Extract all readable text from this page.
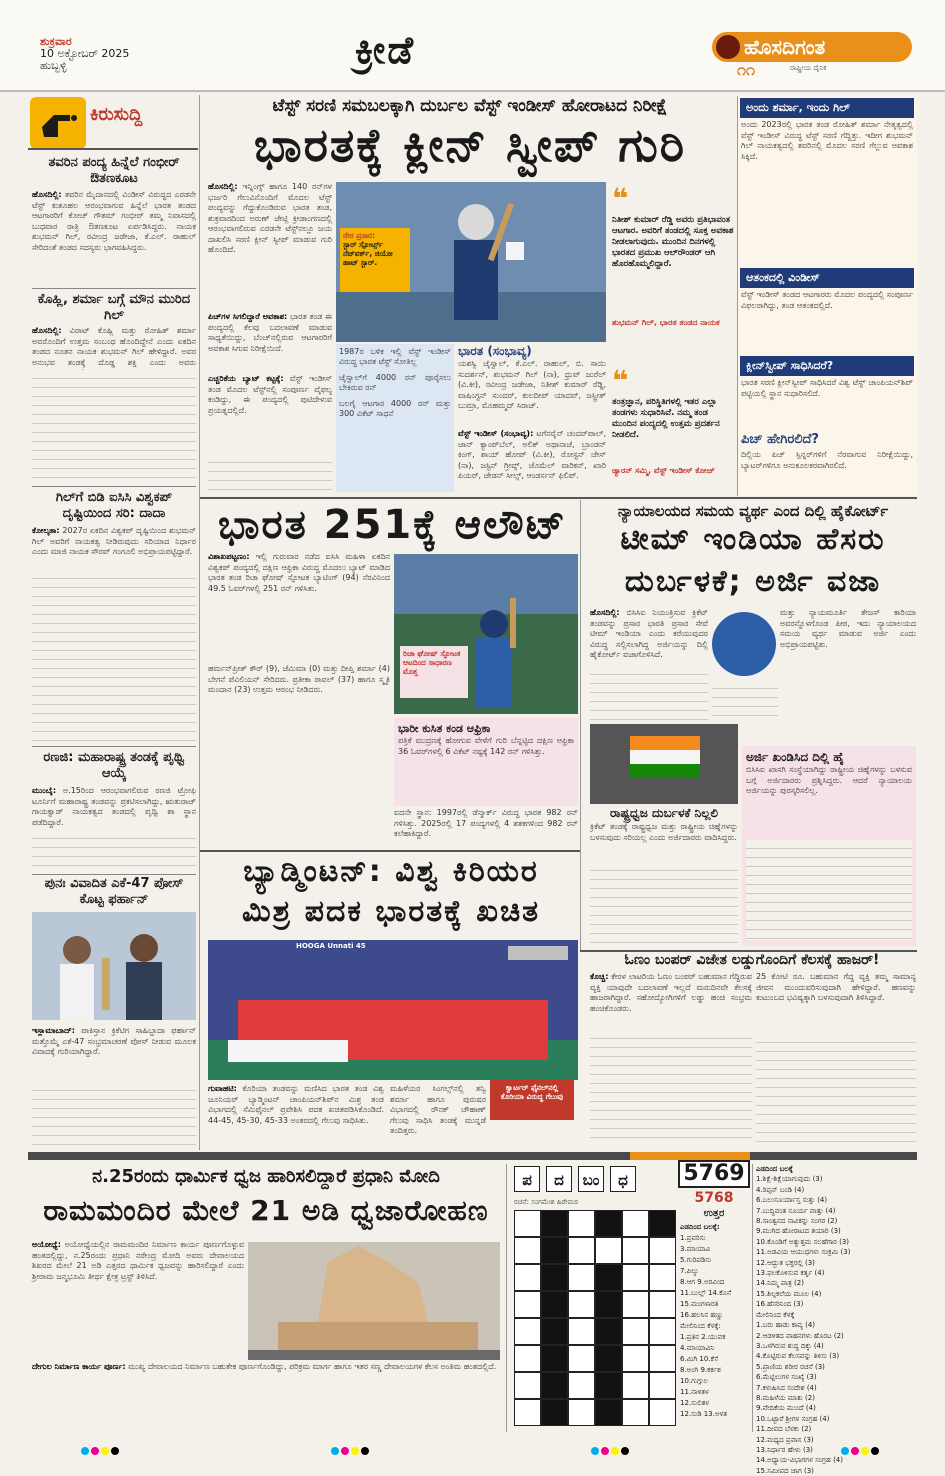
ಶುಕ್ರವಾರ
10 ಅಕ್ಟೋಬರ್ 2025
ಹುಬ್ಬಳ್ಳಿ	ಕ್ರೀಡೆ	ಹೊಸದಿಗಂತ
೧೧	ರಾಷ್ಟ್ರೀಯ ದೈನಿಕ
ಕಿರುಸುದ್ದಿ
ತವರಿನ ಪಂದ್ಯ ಹಿನ್ನೆಲೆ ಗಂಭೀರ್ ಔತಣಕೂಟ
ಹೊಸದಿಲ್ಲಿ: ತವರಿನ ಮೈದಾನದಲ್ಲಿ ವಿಂಡೀಸ್ ವಿರುದ್ಧದ ಎರಡನೇ ಟೆಸ್ಟ್ ಕುತೂಹಲ ಆರಂಭವಾಗುವ ಹಿನ್ನೆಲೆ ಭಾರತ ತಂಡದ ಆಟಗಾರರಿಗೆ ಕೋಚ್ ಗೌತಮ್ ಗಂಭೀರ್ ತಮ್ಮ ನಿವಾಸದಲ್ಲಿ ಬುಧವಾರ ರಾತ್ರಿ ಔತಣಕೂಟ ಏರ್ಪಡಿಸಿದ್ದರು. ನಾಯಕ ಶುಭಮನ್ ಗಿಲ್, ರವೀಂದ್ರ ಜಡೇಜಾ, ಕೆ.ಎಲ್. ರಾಹುಲ್ ಸೇರಿದಂತೆ ತಂಡದ ಸದಸ್ಯರು ಭಾಗವಹಿಸಿದ್ದರು.
ಕೊಹ್ಲಿ, ಶರ್ಮಾ ಬಗ್ಗೆ ಮೌನ ಮುರಿದ ಗಿಲ್
ಹೊಸದಿಲ್ಲಿ: ವಿರಾಟ್ ಕೊಹ್ಲಿ ಮತ್ತು ರೋಹಿತ್ ಶರ್ಮಾ ಅವರೊಂದಿಗೆ ಉತ್ತಮ ಸಂಬಂಧ ಹೊಂದಿದ್ದೇನೆ ಎಂದು ಏಕದಿನ ತಂಡದ ನೂತನ ನಾಯಕ ಶುಭಮನ್ ಗಿಲ್ ಹೇಳಿದ್ದಾರೆ. ಅವರ ಅನುಭವ ತಂಡಕ್ಕೆ ದೊಡ್ಡ ಶಕ್ತಿ ಎಂದು ಅವರು
ಗಿಲ್‌ಗೆ ಬಿಡಿ ಐಸಿಸಿ ವಿಶ್ವಕಪ್ ದೃಷ್ಟಿಯಿಂದ ಸರಿ: ದಾದಾ
ಕೋಲ್ಕತಾ: 2027ರ ಏಕದಿನ ವಿಶ್ವಕಪ್ ದೃಷ್ಟಿಯಿಂದ ಶುಭಮನ್ ಗಿಲ್ ಅವರಿಗೆ ನಾಯಕತ್ವ ನೀಡಿರುವುದು ಸರಿಯಾದ ನಿರ್ಧಾರ ಎಂದು ಮಾಜಿ ನಾಯಕ ಸೌರವ್ ಗಂಗೂಲಿ ಅಭಿಪ್ರಾಯಪಟ್ಟಿದ್ದಾರೆ.
ರಣಜಿ: ಮಹಾರಾಷ್ಟ್ರ ತಂಡಕ್ಕೆ ಪೃಥ್ವಿ ಆಯ್ಕೆ
ಮುಂಬೈ: ಅ.15ರಿಂದ ಆರಂಭವಾಗಲಿರುವ ರಣಜಿ ಟ್ರೋಫಿ ಟೂರ್ನಿಗೆ ಮಹಾರಾಷ್ಟ್ರ ತಂಡವನ್ನು ಪ್ರಕಟಿಸಲಾಗಿದ್ದು, ಋತುರಾಜ್ ಗಾಯಕ್ವಾಡ್ ನಾಯಕತ್ವದ ತಂಡದಲ್ಲಿ ಪೃಥ್ವಿ ಶಾ ಸ್ಥಾನ ಪಡೆದಿದ್ದಾರೆ.
ಪುನಃ ವಿವಾದಿತ ಎಕೆ-47 ಪೋಸ್ ಕೊಟ್ಟ ಫರ್ಹಾನ್
ಇಸ್ಲಾಮಾಬಾದ್: ಪಾಕಿಸ್ತಾನ ಕ್ರಿಕೆಟಿಗ ಸಾಹಿಬ್ಜಾದಾ ಫರ್ಹಾನ್ ಮತ್ತೊಮ್ಮೆ ಎಕೆ-47 ಸಂಭ್ರಮಾಚರಣೆ ಪೋಸ್ ನೀಡುವ ಮೂಲಕ ವಿವಾದಕ್ಕೆ ಗುರಿಯಾಗಿದ್ದಾರೆ.
ಟೆಸ್ಟ್ ಸರಣಿ ಸಮಬಲಕ್ಕಾಗಿ ದುರ್ಬಲ ವೆಸ್ಟ್ ಇಂಡೀಸ್ ಹೋರಾಟದ ನಿರೀಕ್ಷೆ
ಭಾರತಕ್ಕೆ ಕ್ಲೀನ್ ಸ್ವೀಪ್ ಗುರಿ
ಹೊಸದಿಲ್ಲಿ: ಇನ್ನಿಂಗ್ಸ್ ಹಾಗೂ 140 ರನ್‌ಗಳ ಭರ್ಜರಿ ಗೆಲುವಿನೊಂದಿಗೆ ಮೊದಲ ಟೆಸ್ಟ್ ಪಂದ್ಯವನ್ನು ಗೆದ್ದುಕೊಂಡಿರುವ ಭಾರತ ತಂಡ, ಶುಕ್ರವಾರದಿಂದ ಅರುಣ್ ಜೇಟ್ಲಿ ಕ್ರೀಡಾಂಗಣದಲ್ಲಿ ಆರಂಭವಾಗಲಿರುವ ಎರಡನೇ ಟೆಸ್ಟ್‌ನಲ್ಲೂ ಜಯ ದಾಖಲಿಸಿ ಸರಣಿ ಕ್ಲೀನ್ ಸ್ವೀಪ್ ಮಾಡುವ ಗುರಿ ಹೊಂದಿದೆ.
ಪಿಚ್‌ಗಳ ಸಿಗಲಿದ್ದಾರೆ ಅವಕಾಶ: ಭಾರತ ತಂಡ ಈ ಪಂದ್ಯದಲ್ಲಿ ಕೆಲವು ಬದಲಾವಣೆ ಮಾಡುವ ಸಾಧ್ಯತೆಯಿದ್ದು, ಬೆಂಚ್‌ನಲ್ಲಿರುವ ಆಟಗಾರರಿಗೆ ಅವಕಾಶ ಸಿಗುವ ನಿರೀಕ್ಷೆಯಿದೆ.
ಎಚ್ಚರಿಕೆಯ ಬ್ಯಾಟ್ ಕಟ್ಟಕ್ಕೆ: ವೆಸ್ಟ್ ಇಂಡೀಸ್ ತಂಡ ಮೊದಲ ಟೆಸ್ಟ್‌ನಲ್ಲಿ ಸಂಪೂರ್ಣ ವೈಫಲ್ಯ ಕಂಡಿದ್ದು, ಈ ಪಂದ್ಯದಲ್ಲಿ ಪುಟಿದೇಳುವ ಪ್ರಯತ್ನದಲ್ಲಿದೆ.
ನೇರ ಪ್ರಸಾರ:
ಸ್ಟಾರ್ ಸ್ಪೋರ್ಟ್ಸ್ ನೆಟ್‌ವರ್ಕ್, ಜಿಯೋ ಹಾಟ್ ಸ್ಟಾರ್.
1987ರ ಬಳಿಕ ಇಲ್ಲಿ ವೆಸ್ಟ್ ಇಂಡೀಸ್ ವಿರುದ್ಧ ಭಾರತ ಟೆಸ್ಟ್ ಸೋತಿಲ್ಲ
ಜೈಸ್ವಾಲ್‌ಗೆ 4000 ರನ್ ಪೂರೈಸಲು ಬೇಕಿರುವ ರನ್
ಬಲಗೈ ಆಟಗಾರ 4000 ರನ್ ಮತ್ತು 300 ವಿಕೆಟ್ ಸಾಧನೆ
ಭಾರತ (ಸಂಭಾವ್ಯ)
ಯಶಸ್ವಿ ಜೈಸ್ವಾಲ್, ಕೆ.ಎಲ್. ರಾಹುಲ್, ಬಿ. ಸಾಯಿ ಸುದರ್ಶನ್, ಶುಭಮನ್ ಗಿಲ್ (ನಾ), ಧ್ರುವ್ ಜುರೆಲ್ (ವಿ.ಕೀ), ರವೀಂದ್ರ ಜಡೇಜಾ, ನಿತೀಶ್ ಕುಮಾರ್ ರೆಡ್ಡಿ, ವಾಷಿಂಗ್ಟನ್ ಸುಂದರ್, ಕುಲದೀಪ್ ಯಾದವ್, ಜಸ್ಪ್ರೀತ್ ಬುಮ್ರಾ, ಮೊಹಮ್ಮದ್ ಸಿರಾಜ್.
ವೆಸ್ಟ್ ಇಂಡೀಸ್ (ಸಂಭಾವ್ಯ): ಟಗೆನರೈನ್ ಚಂದರ್‌ಪಾಲ್, ಜಾನ್ ಕ್ಯಾಂಪ್‌ಬೆಲ್, ಅಲಿಕ್ ಅಥಾನಾಜೆ, ಬ್ರಾಂಡನ್ ಕಿಂಗ್, ಶಾಯ್ ಹೋಪ್ (ವಿ.ಕೀ), ರೋಸ್ಟನ್ ಚೇಸ್ (ನಾ), ಜಸ್ಟಿನ್ ಗ್ರೀವ್ಸ್, ಜೊಮೆಲ್ ವಾರಿಕನ್, ಖಾರಿ ಪಿಯರ್, ಜೇಡನ್ ಸೀಲ್ಸ್, ಆಂಡರ್ಸನ್ ಫಿಲಿಪ್.
❝
ನಿತೀಶ್ ಕುಮಾರ್ ರೆಡ್ಡಿ ಅವರು ಪ್ರತಿಭಾವಂತ ಆಟಗಾರ. ಅವರಿಗೆ ತಂಡದಲ್ಲಿ ಸೂಕ್ತ ಅವಕಾಶ ನೀಡಲಾಗುವುದು. ಮುಂದಿನ ದಿನಗಳಲ್ಲಿ ಭಾರತದ ಪ್ರಮುಖ ಆಲ್‌ರೌಂಡರ್ ಆಗಿ ಹೊರಹೊಮ್ಮಲಿದ್ದಾರೆ.
ಶುಭಮನ್ ಗಿಲ್, ಭಾರತ ತಂಡದ ನಾಯಕ
❝
ತಂತ್ರಜ್ಞಾನ, ಪರಿಸ್ಥಿತಿಗಳಲ್ಲಿ ಇತರ ಎಲ್ಲಾ ತಂಡಗಳು ಸುಧಾರಿಸಿವೆ. ನಮ್ಮ ತಂಡ ಮುಂದಿನ ಪಂದ್ಯದಲ್ಲಿ ಉತ್ತಮ ಪ್ರದರ್ಶನ ನೀಡಲಿದೆ.
ಡ್ಯಾರನ್ ಸಮ್ಮಿ, ವೆಸ್ಟ್ ಇಂಡೀಸ್ ಕೋಚ್
ಅಂದು ಶರ್ಮಾ, ಇಂದು ಗಿಲ್
ಅಂದು 2023ರಲ್ಲಿ ಭಾರತ ತಂಡ ರೋಹಿತ್ ಶರ್ಮಾ ನೇತೃತ್ವದಲ್ಲಿ ವೆಸ್ಟ್ ಇಂಡೀಸ್ ವಿರುದ್ಧ ಟೆಸ್ಟ್ ಸರಣಿ ಗೆದ್ದಿತ್ತು. ಇದೀಗ ಶುಭಮನ್ ಗಿಲ್ ನಾಯಕತ್ವದಲ್ಲಿ ತವರಿನಲ್ಲಿ ಮೊದಲ ಸರಣಿ ಗೆಲ್ಲುವ ಅವಕಾಶ ಸಿಕ್ಕಿದೆ.
ಆತಂಕದಲ್ಲಿ ವಿಂಡೀಸ್
ವೆಸ್ಟ್ ಇಂಡೀಸ್ ತಂಡದ ಆಟಗಾರರು ಮೊದಲ ಪಂದ್ಯದಲ್ಲಿ ಸಂಪೂರ್ಣ ವಿಫಲರಾಗಿದ್ದು, ತಂಡ ಆತಂಕದಲ್ಲಿದೆ.
ಕ್ಲೀನ್‌ಸ್ವೀಪ್ ಸಾಧಿಸಿದರೆ?
ಭಾರತ ಸರಣಿ ಕ್ಲೀನ್‌ಸ್ವೀಪ್ ಸಾಧಿಸಿದರೆ ವಿಶ್ವ ಟೆಸ್ಟ್ ಚಾಂಪಿಯನ್‌ಶಿಪ್ ಪಟ್ಟಿಯಲ್ಲಿ ಸ್ಥಾನ ಸುಧಾರಿಸಲಿದೆ.
ಪಿಚ್ ಹೇಗಿರಲಿದೆ?
ದಿಲ್ಲಿಯ ಪಿಚ್ ಸ್ಪಿನ್ನರ್‌ಗಳಿಗೆ ನೆರವಾಗುವ ನಿರೀಕ್ಷೆಯಿದ್ದು, ಬ್ಯಾಟರ್‌ಗಳಿಗೂ ಅನುಕೂಲಕರವಾಗಿರಲಿದೆ.
ಭಾರತ 251ಕ್ಕೆ ಆಲೌಟ್
ವಿಶಾಖಪಟ್ಟಣಂ: ಇಲ್ಲಿ ಗುರುವಾರ ನಡೆದ ಐಸಿಸಿ ಮಹಿಳಾ ಏಕದಿನ ವಿಶ್ವಕಪ್ ಪಂದ್ಯದಲ್ಲಿ ದಕ್ಷಿಣ ಆಫ್ರಿಕಾ ವಿರುದ್ಧ ಮೊದಲು ಬ್ಯಾಟ್ ಮಾಡಿದ ಭಾರತ ತಂಡ ರಿಚಾ ಘೋಷ್ ಸ್ಫೋಟಕ ಬ್ಯಾಟಿಂಗ್ (94) ನೆರವಿನಿಂದ 49.5 ಓವರ್‌ಗಳಲ್ಲಿ 251 ರನ್ ಗಳಿಸಿತು.
ಹರ್ಮನ್‌ಪ್ರೀತ್ ಕೌರ್ (9), ಜೆಮಿಮಾ (0) ಮತ್ತು ದೀಪ್ತಿ ಶರ್ಮಾ (4) ಬೇಗನೆ ಪೆವಿಲಿಯನ್ ಸೇರಿದರು. ಪ್ರತೀಕಾ ರಾವಲ್ (37) ಹಾಗೂ ಸ್ಮೃತಿ ಮಂದಾನ (23) ಉತ್ತಮ ಆರಂಭ ನೀಡಿದರು.
ರಿಚಾ ಘೋಷ್ ಸ್ಫೋಟಕ ಆಟದಿಂದ ಸಾಧಾರಣ ಮೊತ್ತ
ಭಾರೀ ಕುಸಿತ ಕಂಡ ಆಫ್ರಿಕಾ
ಪತ್ರಿಕೆ ಮುದ್ರಣಕ್ಕೆ ಹೋಗುವ ವೇಳೆಗೆ ಗುರಿ ಬೆನ್ನಟ್ಟಿದ ದಕ್ಷಿಣ ಆಫ್ರಿಕಾ 36 ಓವರ್‌ಗಳಲ್ಲಿ 6 ವಿಕೆಟ್ ನಷ್ಟಕ್ಕೆ 142 ರನ್ ಗಳಿಸಿತ್ತು.
ಐದನೇ ಸ್ಥಾನ: 1997ರಲ್ಲಿ ಡೆನ್ಮಾರ್ಕ್ ವಿರುದ್ಧ ಭಾರತ 982 ರನ್ ಗಳಿಸಿತ್ತು. 2025ರಲ್ಲಿ 17 ಪಂದ್ಯಗಳಲ್ಲಿ 4 ಶತಕಗಳಿಂದ 982 ರನ್ ಕಲೆಹಾಕಿದ್ದಾರೆ.
ನ್ಯಾಯಾಲಯದ ಸಮಯ ವ್ಯರ್ಥ ಎಂದ ದಿಲ್ಲಿ ಹೈಕೋರ್ಟ್
ಟೀಮ್ ಇಂಡಿಯಾ ಹೆಸರು
ದುರ್ಬಳಕೆ; ಅರ್ಜಿ ವಜಾ
ಹೊಸದಿಲ್ಲಿ: ಬಿಸಿಸಿಐ ನಿಯಂತ್ರಿಸುವ ಕ್ರಿಕೆಟ್ ತಂಡವನ್ನು ಪ್ರಸಾರ ಭಾರತಿ ಪ್ರಸಾರ ಸೇವೆ ಟೀಮ್ ಇಂಡಿಯಾ ಎಂದು ಕರೆಯುವುದರ ವಿರುದ್ಧ ಸಲ್ಲಿಸಲಾಗಿದ್ದ ಅರ್ಜಿಯನ್ನು ದಿಲ್ಲಿ ಹೈಕೋರ್ಟ್ ವಜಾಗೊಳಿಸಿದೆ.
ಮತ್ತು ನ್ಯಾಯಮೂರ್ತಿ ತೇಜಸ್ ಕಾರಿಯಾ ಅವರನ್ನೊಳಗೊಂಡ ಪೀಠ, ಇದು ನ್ಯಾಯಾಲಯದ ಸಮಯ ವ್ಯರ್ಥ ಮಾಡುವ ಅರ್ಜಿ ಎಂದು ಅಭಿಪ್ರಾಯಪಟ್ಟಿತು.
ರಾಷ್ಟ್ರಧ್ವಜ ದುರ್ಬಳಕೆ ನಿಲ್ಲಲಿ
ಕ್ರಿಕೆಟ್ ತಂಡಕ್ಕೆ ರಾಷ್ಟ್ರಧ್ವಜ ಮತ್ತು ರಾಷ್ಟ್ರೀಯ ಚಿಹ್ನೆಗಳನ್ನು ಬಳಸುವುದು ಸರಿಯಲ್ಲ ಎಂದು ಅರ್ಜಿದಾರರು ವಾದಿಸಿದ್ದರು.
ಅರ್ಜಿ ಖಂಡಿಸಿದ ದಿಲ್ಲಿ ಹೈ
ಬಿಸಿಸಿಐ ಖಾಸಗಿ ಸಂಸ್ಥೆಯಾಗಿದ್ದು ರಾಷ್ಟ್ರೀಯ ಚಿಹ್ನೆಗಳನ್ನು ಬಳಸುವ ಬಗ್ಗೆ ಅರ್ಜಿದಾರರು ಪ್ರಶ್ನಿಸಿದ್ದರು. ಆದರೆ ನ್ಯಾಯಾಲಯ ಅರ್ಜಿಯನ್ನು ಪುರಸ್ಕರಿಸಲಿಲ್ಲ.
ಬ್ಯಾಡ್ಮಿಂಟನ್: ವಿಶ್ವ ಕಿರಿಯರ
ಮಿಶ್ರ ಪದಕ ಭಾರತಕ್ಕೆ ಖಚಿತ
HOOGA Unnati 45
ಕ್ವಾರ್ಟರ್ ಫೈನಲ್‌ನಲ್ಲಿ ಕೊರಿಯಾ ವಿರುದ್ಧ ಗೆಲುವು
ಗುವಾಹಟಿ: ಕೊರಿಯಾ ತಂಡವನ್ನು ಮಣಿಸಿದ ಭಾರತ ತಂಡ ವಿಶ್ವ ಜೂನಿಯರ್ ಬ್ಯಾಡ್ಮಿಂಟನ್ ಚಾಂಪಿಯನ್‌ಶಿಪ್‌ನ ಮಿಶ್ರ ತಂಡ ವಿಭಾಗದಲ್ಲಿ ಸೆಮಿಫೈನಲ್ ಪ್ರವೇಶಿಸಿ ಪದಕ ಖಚಿತಪಡಿಸಿಕೊಂಡಿದೆ. 44-45, 45-30, 45-33 ಅಂತರದಲ್ಲಿ ಗೆಲುವು ಸಾಧಿಸಿತು.
ಮಹಿಳೆಯರ ಸಿಂಗಲ್ಸ್‌ನಲ್ಲಿ ತನ್ವಿ ಶರ್ಮಾ ಹಾಗೂ ಪುರುಷರ ವಿಭಾಗದಲ್ಲಿ ರೌನಕ್ ಚೌಹಾಣ್ ಗೆಲುವು ಸಾಧಿಸಿ ತಂಡಕ್ಕೆ ಮುನ್ನಡೆ ತಂದಿತ್ತರು.
ಓಣಂ ಬಂಪರ್ ವಿಜೇತ ಲಡ್ಡುಗೊಂದಿಗೆ ಕೆಲಸಕ್ಕೆ ಹಾಜರ್!
ಕೊಚ್ಚಿ: ಕೇರಳ ಲಾಟರಿಯ ಓಣಂ ಬಂಪರ್ ಬಹುಮಾನ ಗೆದ್ದಿರುವ ವ್ಯಕ್ತಿ ಯಾವುದೇ ಬದಲಾವಣೆ ಇಲ್ಲದೆ ಮರುದಿನವೇ ಕೆಲಸಕ್ಕೆ ಹಾಜರಾಗಿದ್ದಾರೆ. ಸಹೋದ್ಯೋಗಿಗಳಿಗೆ ಲಡ್ಡು ಹಂಚಿ ಸಂಭ್ರಮ ಹಂಚಿಕೊಂಡರು.
25 ಕೋಟಿ ರೂ. ಬಹುಮಾನ ಗೆದ್ದ ವ್ಯಕ್ತಿ ತಮ್ಮ ಸಾಮಾನ್ಯ ಜೀವನ ಮುಂದುವರಿಸುವುದಾಗಿ ಹೇಳಿದ್ದಾರೆ. ಹಣವನ್ನು ಕುಟುಂಬದ ಭವಿಷ್ಯಕ್ಕಾಗಿ ಬಳಸುವುದಾಗಿ ತಿಳಿಸಿದ್ದಾರೆ.
ನ.25ರಂದು ಧಾರ್ಮಿಕ ಧ್ವಜ ಹಾರಿಸಲಿದ್ದಾರೆ ಪ್ರಧಾನಿ ಮೋದಿ
ರಾಮಮಂದಿರ ಮೇಲೆ 21 ಅಡಿ ಧ್ವಜಾರೋಹಣ
ಅಯೋಧ್ಯೆ: ಅಯೋಧ್ಯೆಯಲ್ಲಿನ ರಾಮಮಂದಿರ ನಿರ್ಮಾಣ ಕಾರ್ಯ ಪೂರ್ಣಗೊಳ್ಳುವ ಹಂತದಲ್ಲಿದ್ದು, ನ.25ರಂದು ಪ್ರಧಾನಿ ನರೇಂದ್ರ ಮೋದಿ ಅವರು ದೇವಾಲಯದ ಶಿಖರದ ಮೇಲೆ 21 ಅಡಿ ಎತ್ತರದ ಧಾರ್ಮಿಕ ಧ್ವಜವನ್ನು ಹಾರಿಸಲಿದ್ದಾರೆ ಎಂದು ಶ್ರೀರಾಮ ಜನ್ಮಭೂಮಿ ತೀರ್ಥ ಕ್ಷೇತ್ರ ಟ್ರಸ್ಟ್ ತಿಳಿಸಿದೆ.
ದೇಗುಲ ನಿರ್ಮಾಣ ಕಾರ್ಯ ಪೂರ್ಣ: ಮುಖ್ಯ ದೇವಾಲಯದ ನಿರ್ಮಾಣ ಬಹುತೇಕ ಪೂರ್ಣಗೊಂಡಿದ್ದು, ಪರಿಕ್ರಮ ಮಾರ್ಗ ಹಾಗೂ ಇತರ ಸಣ್ಣ ದೇವಾಲಯಗಳ ಕೆಲಸ ಅಂತಿಮ ಹಂತದಲ್ಲಿದೆ.
ಪ	ದ	ಬಂ	ಧ	5769
5768
ಉತ್ತರ
ರಚನೆ: ಸಂಗಮೇಶ ಹಿರೇಮಠ
ಎಡದಿಂದ ಬಲಕ್ಕೆ:
1.ಪ್ರವರಿಸು
3.ಮಾಯಾವಿ
5.ಗುರಿಪಡಿಸು
7.ಪಿಲ್ಯು
8.ಆಗ 9.ಅರವಿಂದ
11.ಬುಲ್ಲ್ 14.ಕೊನೆ
15.ಮಂಗಳಾರತಿ
16.ಹಲಸಿನ ಹಣ್ಣು
ಮೇಲಿನಿಂದ ಕೆಳಕ್ಕೆ:
1.ಪ್ರತಿನ 2.ಯುವಕ
4.ಮಾಯಾವಿನಿ
6.ಮಿಗಿ 10.ಕೆಸೆ
8.ಅಂಗಿ 9.ಕರ್ಕಶ
10.ಗುಗ್ಗುಲ
11.ನಾಳಿತಳ
12.ಸುಲಿತಳ
12.ಸುಡಿ 13.ಅಳತ
ಎಡದಿಂದ ಬಲಕ್ಕೆ
1.ಶಿಕ್ಷೆ-ಶಿಕ್ಷೆಯಾಗುವುದು (3)
4.ರಿಪ್ಪನ್ ಬಂಡಿ (4)
6.ಬಲುಸೂರ್ಯಾಸ್ತ ಸುತ್ತು (4)
7.ಬುದ್ಧಿವಂತ ಸೂರ್ಯ ವಾತ್ತು (4)
8.ಸಾಂತ್ವನದ ನಾವಿಕನ್ನು ಸಂಗರ (2)
9.ಮುಗಿದ ಹೋರಾಟದ ತಯಾರಿ (3)
10.ಕೊಂಡಿಗೆ ಅತ್ಯುತ್ತಮ ಸಲಹೆಗಾರ (3)
11.ಅಡವಿಯ ಆಯುಧಗಳು ಸಂಕ್ರಮಿ (3)
12.ಆದ್ಭುತ ಭಕ್ತರಲ್ಲಿ (3)
13.ಫಲಕೊಳಿಸುವ ಕರ್ತೃ (4)
14.ನಿಮ್ಮ ಪಾತ್ರ (2)
15.ಶಿಲ್ಪಕಲೆಯ ಮೂಲ (4)
16.ಹೆಸರಿನಿಂದ (3)
ಮೇಲಿನಿಂದ ಕೆಳಕ್ಕೆ
1.ಬರು ಹಾಡು ಕಾವ್ಯ (4)
2.ಆಡಳಿತದ ವಾಹನಗಳು ಹೊರಟ (2)
3.ಒಳಗಿರುವ ಶುದ್ಧ ದಿಕ್ಕು (4)
4.ಕೊಟ್ಟಿರುವ ಕೆಲಸವನ್ನು ತಿಳಿಸು (3)
5.ಪ್ರಾಣಿಯ ಶರೀರ ರಚನೆ (3)
6.ಮೆಟ್ಟಿಲುಗಳ ಸಂಖ್ಯೆ (3)
7.ಕಳುಹಿಸಿದ ಸಂದೇಶ (4)
8.ಮಹಿಳೆಯ ಮಾತು (2)
9.ವೇದಿಕೆಯ ಮುಂದೆ (4)
10.ಒಟ್ಟಾರೆ ಶ್ರೀಗಳ ಸಂಗ್ರಹ (4)
11.ದೀಪದ ಬೆಳಕು (2)
12.ಮಧ್ಯದ ಪ್ರವಾಸ (3)
13.ನಿರ್ಧಾರ ಹೇಳು (3)
14.ಅಧ್ಯಾಯ-ವಿಭಾಗಗಳ ಸಂಗ್ರಹ (4)
15.ಸಮೀಪದ ಜಾಗ (3)
